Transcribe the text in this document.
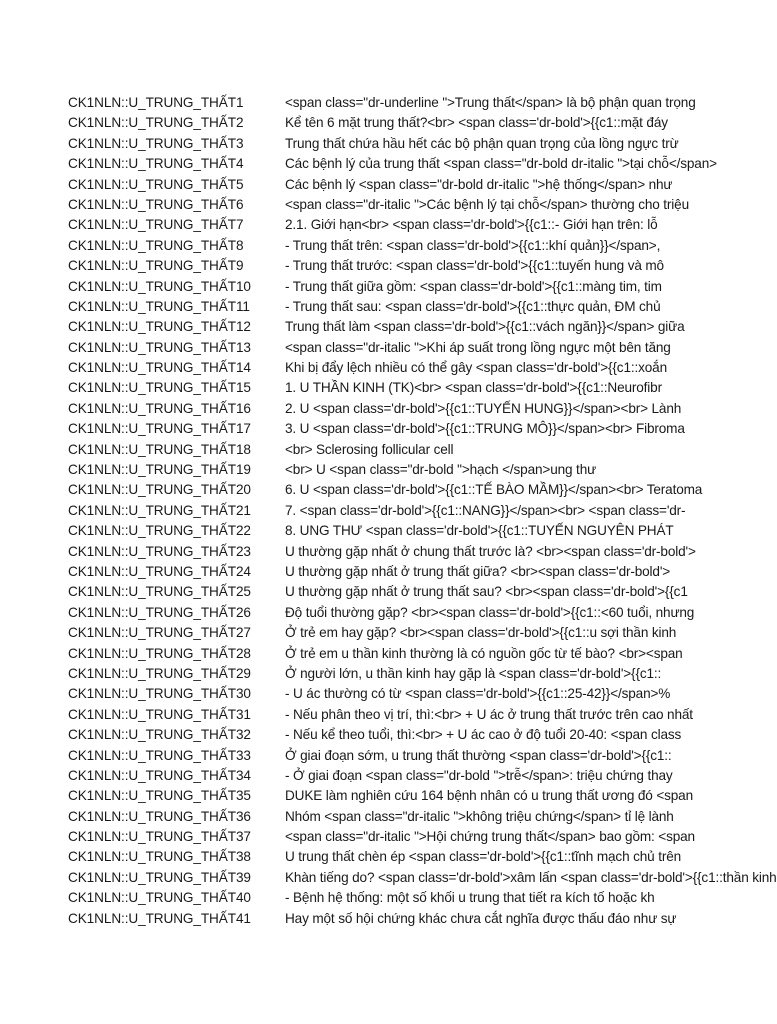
CK1NLN::U_TRUNG_THẤT1	<span class="dr-underline ">Trung thất</span> là bộ phận quan trọng
CK1NLN::U_TRUNG_THẤT2	Kể tên 6 mặt trung thất?<br> <span class='dr-bold'>{{c1::mặt đáy
CK1NLN::U_TRUNG_THẤT3	Trung thất chứa hầu hết các bộ phận quan trọng của lồng ngực trừ
CK1NLN::U_TRUNG_THẤT4	Các bệnh lý của trung thất <span class="dr-bold dr-italic ">tại chỗ</span>
CK1NLN::U_TRUNG_THẤT5	Các bệnh lý <span class="dr-bold dr-italic ">hệ thống</span> như
CK1NLN::U_TRUNG_THẤT6	<span class="dr-italic ">Các bệnh lý tại chỗ</span> thường cho triệu
CK1NLN::U_TRUNG_THẤT7	2.1. Giới hạn<br> <span class='dr-bold'>{{c1::- Giới hạn trên: lỗ
CK1NLN::U_TRUNG_THẤT8	- Trung thất trên: <span class='dr-bold'>{{c1::khí quản}}</span>,
CK1NLN::U_TRUNG_THẤT9	- Trung thất trước: <span class='dr-bold'>{{c1::tuyến hung và mô
CK1NLN::U_TRUNG_THẤT10	- Trung thất giữa gồm: <span class='dr-bold'>{{c1::màng tim, tim
CK1NLN::U_TRUNG_THẤT11	- Trung thất sau: <span class='dr-bold'>{{c1::thực quản, ĐM chủ
CK1NLN::U_TRUNG_THẤT12	Trung thất làm <span class='dr-bold'>{{c1::vách ngăn}}</span> giữa
CK1NLN::U_TRUNG_THẤT13	<span class="dr-italic ">Khi áp suất trong lồng ngực một bên tăng
CK1NLN::U_TRUNG_THẤT14	Khi bị đẩy lệch nhiều có thể gây <span class='dr-bold'>{{c1::xoắn
CK1NLN::U_TRUNG_THẤT15	1. U THẦN KINH (TK)<br> <span class='dr-bold'>{{c1::Neurofibr
CK1NLN::U_TRUNG_THẤT16	2. U <span class='dr-bold'>{{c1::TUYẾN HUNG}}</span><br> Lành
CK1NLN::U_TRUNG_THẤT17	3. U <span class='dr-bold'>{{c1::TRUNG MÔ}}</span><br> Fibroma
CK1NLN::U_TRUNG_THẤT18	<br> Sclerosing follicular cell
CK1NLN::U_TRUNG_THẤT19	<br> U <span class="dr-bold ">hạch </span>ung thư
CK1NLN::U_TRUNG_THẤT20	6. U <span class='dr-bold'>{{c1::TẾ BÀO MẦM}}</span><br> Teratoma
CK1NLN::U_TRUNG_THẤT21	7. <span class='dr-bold'>{{c1::NANG}}</span><br> <span class='dr-
CK1NLN::U_TRUNG_THẤT22	8. UNG THƯ <span class='dr-bold'>{{c1::TUYẾN NGUYÊN PHÁT
CK1NLN::U_TRUNG_THẤT23	U thường gặp nhất ở chung thất trước là? <br><span class='dr-bold'>
CK1NLN::U_TRUNG_THẤT24	U thường gặp nhất ở trung thất giữa? <br><span class='dr-bold'>
CK1NLN::U_TRUNG_THẤT25	U thường gặp nhất ở trung thất sau? <br><span class='dr-bold'>{{c1
CK1NLN::U_TRUNG_THẤT26	Độ tuổi thường gặp? <br><span class='dr-bold'>{{c1::<60 tuổi, nhưng
CK1NLN::U_TRUNG_THẤT27	Ở trẻ em hay gặp? <br><span class='dr-bold'>{{c1::u sợi thần kinh
CK1NLN::U_TRUNG_THẤT28	Ở trẻ em u thần kinh thường là có nguồn gốc từ tế bào? <br><span
CK1NLN::U_TRUNG_THẤT29	Ở người lớn, u thần kinh hay gặp là <span class='dr-bold'>{{c1::
CK1NLN::U_TRUNG_THẤT30	- U ác thường có từ <span class='dr-bold'>{{c1::25-42}}</span>%
CK1NLN::U_TRUNG_THẤT31	- Nếu phân theo vị trí, thì:<br> + U ác ở trung thất trước trên cao nhất
CK1NLN::U_TRUNG_THẤT32	- Nếu kể theo tuổi, thì:<br> + U ác cao ở độ tuổi 20-40: <span class
CK1NLN::U_TRUNG_THẤT33	Ở giai đoạn sớm, u trung thất thường <span class='dr-bold'>{{c1::
CK1NLN::U_TRUNG_THẤT34	- Ở giai đoạn <span class="dr-bold ">trễ</span>: triệu chứng thay
CK1NLN::U_TRUNG_THẤT35	DUKE làm nghiên cứu 164 bệnh nhân có u trung thất ương đó <span
CK1NLN::U_TRUNG_THẤT36	Nhóm <span class="dr-italic ">không triệu chứng</span> tỉ lệ lành
CK1NLN::U_TRUNG_THẤT37	<span class="dr-italic ">Hội chứng trung thất</span> bao gồm: <span
CK1NLN::U_TRUNG_THẤT38	U trung thất chèn ép <span class='dr-bold'>{{c1::tĩnh mạch chủ trên
CK1NLN::U_TRUNG_THẤT39	Khàn tiếng do? <span class='dr-bold'>xâm lấn <span class='dr-bold'>{{c1::thần kinh
CK1NLN::U_TRUNG_THẤT40	- Bệnh hệ thống: một số khối u trung that tiết ra kích tố hoặc kh
CK1NLN::U_TRUNG_THẤT41	Hay một số hội chứng khác chưa cắt nghĩa được thấu đáo như sự
